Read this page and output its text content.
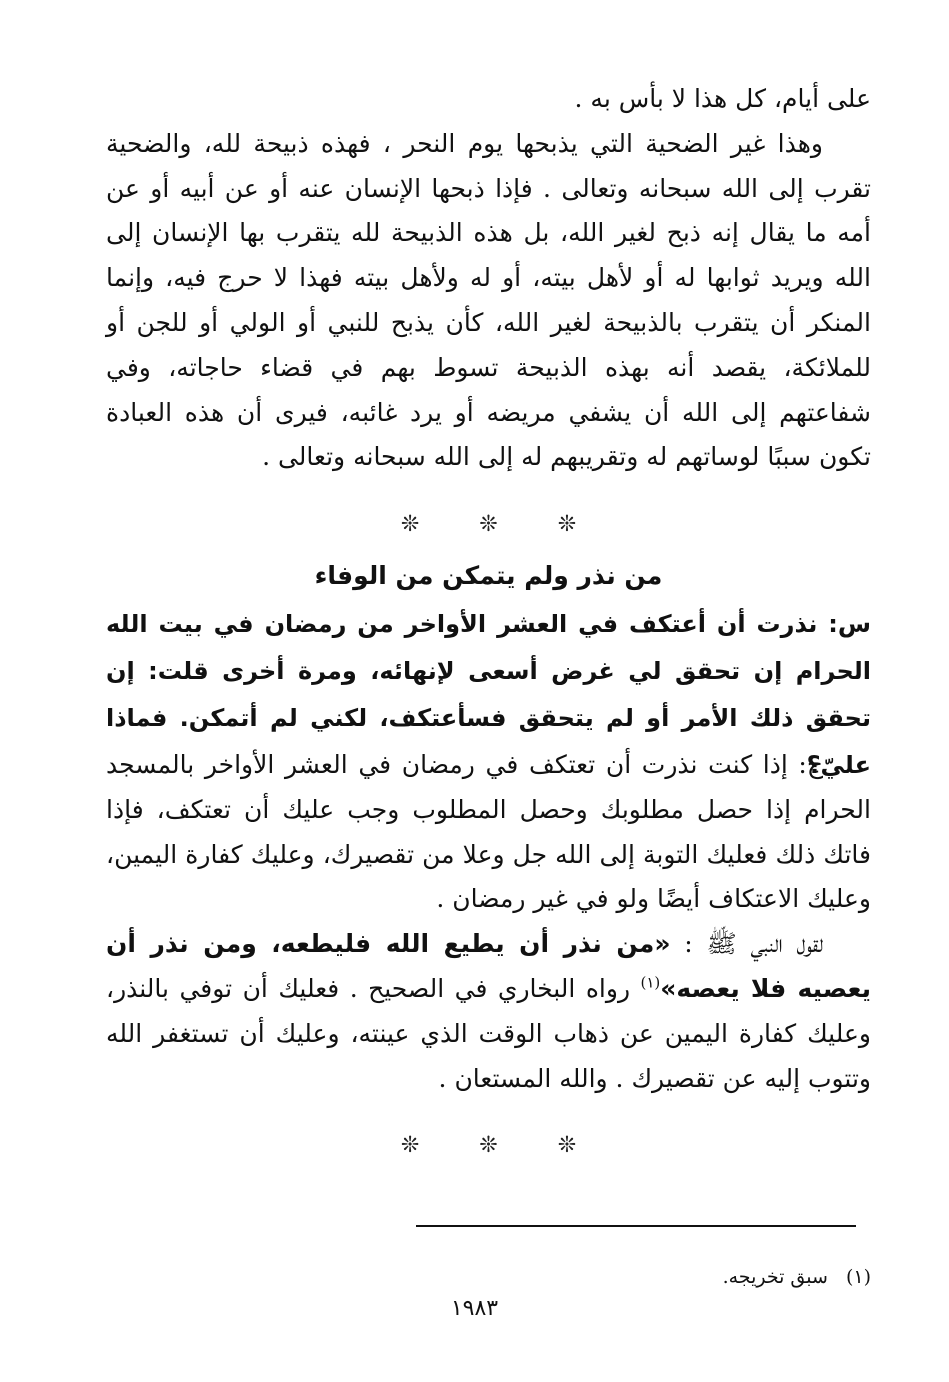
على أيام، كل هذا لا بأس به .

وهذا غير الضحية التي يذبحها يوم النحر ، فهذه ذبيحة لله، والضحية تقرب إلى الله سبحانه وتعالى . فإذا ذبحها الإنسان عنه أو عن أبيه أو عن أمه ما يقال إنه ذبح لغير الله، بل هذه الذبيحة لله يتقرب بها الإنسان إلى الله ويريد ثوابها له أو لأهل بيته، أو له ولأهل بيته فهذا لا حرج فيه، وإنما المنكر أن يتقرب بالذبيحة لغير الله، كأن يذبح للنبي أو الولي أو للجن أو للملائكة، يقصد أنه بهذه الذبيحة تسوط بهم في قضاء حاجاته، وفي شفاعتهم إلى الله أن يشفي مريضه أو يرد غائبه، فيرى أن هذه العبادة تكون سببًا لوساتهم له وتقريبهم له إلى الله سبحانه وتعالى .

❊	❊	❊
من نذر ولم يتمكن من الوفاء

س: نذرت أن أعتكف في العشر الأواخر من رمضان في بيت الله الحرام إن تحقق لي غرض أسعى لإنهائه، ومرة أخرى قلت: إن تحقق ذلك الأمر أو لم يتحقق فسأعتكف، لكني لم أتمكن. فماذا عليّ؟

ج: إذا كنت نذرت أن تعتكف في رمضان في العشر الأواخر بالمسجد الحرام إذا حصل مطلوبك وحصل المطلوب وجب عليك أن تعتكف، فإذا فاتك ذلك فعليك التوبة إلى الله جل وعلا من تقصيرك، وعليك كفارة اليمين، وعليك الاعتكاف أيضًا ولو في غير رمضان .

لقول النبي ﷺ : «من نذر أن يطيع الله فليطعه، ومن نذر أن يعصيه فلا يعصه»$^{(١)}$ رواه البخاري في الصحيح . فعليك أن توفي بالنذر، وعليك كفارة اليمين عن ذهاب الوقت الذي عينته، وعليك أن تستغفر الله وتتوب إليه عن تقصيرك . والله المستعان .

❊	❊	❊

(١)سبق تخريجه.

١٩٨٣
